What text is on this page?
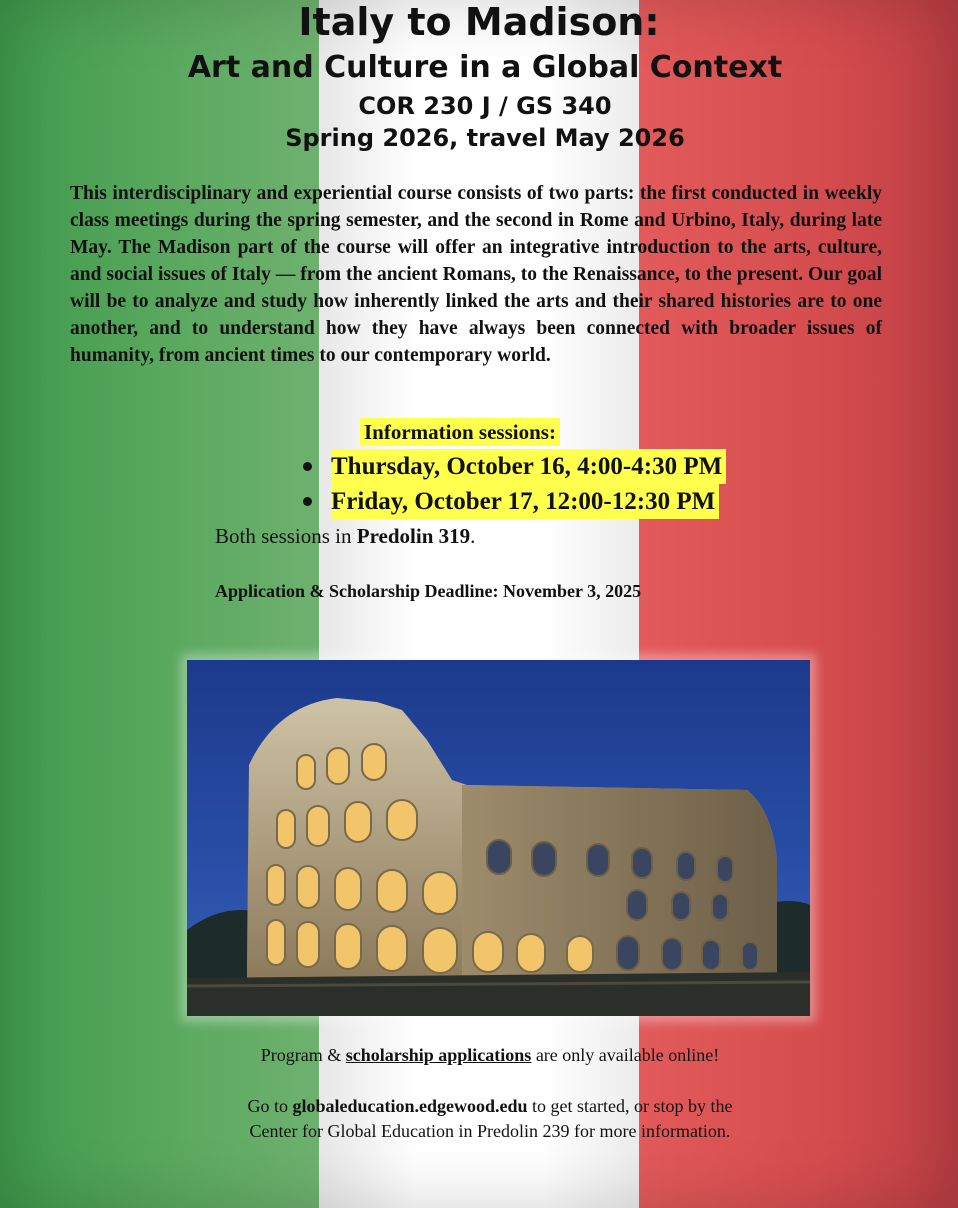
Italy to Madison:
Art and Culture in a Global Context
COR 230 J / GS 340
Spring 2026, travel May 2026

This interdisciplinary and experiential course consists of two parts: the first conducted in weekly class meetings during the spring semester, and the second in Rome and Urbino, Italy, during late May. The Madison part of the course will offer an integrative introduction to the arts, culture, and social issues of Italy — from the ancient Romans, to the Renaissance, to the present. Our goal will be to analyze and study how inherently linked the arts and their shared histories are to one another, and to understand how they have always been connected with broader issues of humanity, from ancient times to our contemporary world.

Information sessions:
Thursday, October 16, 4:00-4:30 PM
Friday, October 17, 12:00-12:30 PM
Both sessions in Predolin 319.
Application & Scholarship Deadline: November 3, 2025
Program & scholarship applications are only available online!
Go to globaleducation.edgewood.edu to get started, or stop by the
Center for Global Education in Predolin 239 for more information.
